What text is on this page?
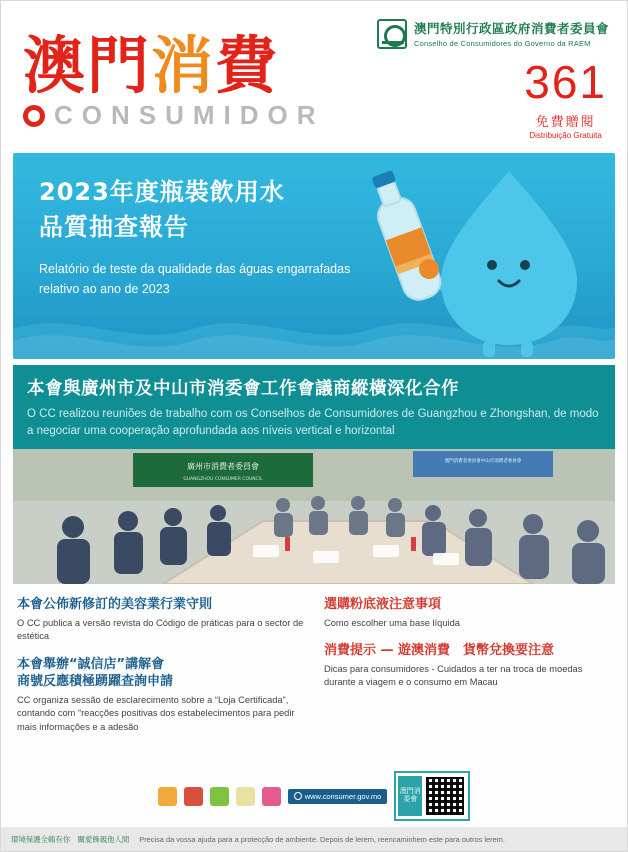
澳門特別行政區政府消費者委員會
Conselho de Consumidores do Governo da RAEM
澳門消費
CONSUMIDOR
361
免費贈閱
Distribuição Gratuita
2023年度瓶裝飲用水
品質抽查報告
Relatório de teste da qualidade das águas engarrafadas relativo ao ano de 2023
本會與廣州市及中山市消委會工作會議商縱橫深化合作
O CC realizou reuniões de trabalho com os Conselhos de Consumidores de Guangzhou e Zhongshan, de modo a negociar uma cooperação aprofundada aos níveis vertical e horizontal
廣州市消費者委員會
GUANGZHOU CONSUMER COUNCIL
澳門消費者委員會中山市消費者委員會
本會公佈新修訂的美容業行業守則
O CC publica a versão revista do Código de práticas para o sector de estética
本會舉辦“誠信店”講解會
商號反應積極踴躍查詢申請
CC organiza sessão de esclarecimento sobre a “Loja Certificada”, contando com “reacções positivas dos estabelecimentos para pedir mais informações e a adesão
選購粉底液注意事項
Como escolher uma base líquida
消費提示 — 遊澳消費　貨幣兌換要注意
Dicas para consumidores - Cuidados a ter na troca de moedas durante a viagem e o consumo em Macau
www.consumer.gov.mo
澳門消委會
環境保護全賴有你　關愛飾親他人間 Precisa da vossa ajuda para a protecção de ambiente. Depois de lerem, reencaminhem este para outros lerem.
